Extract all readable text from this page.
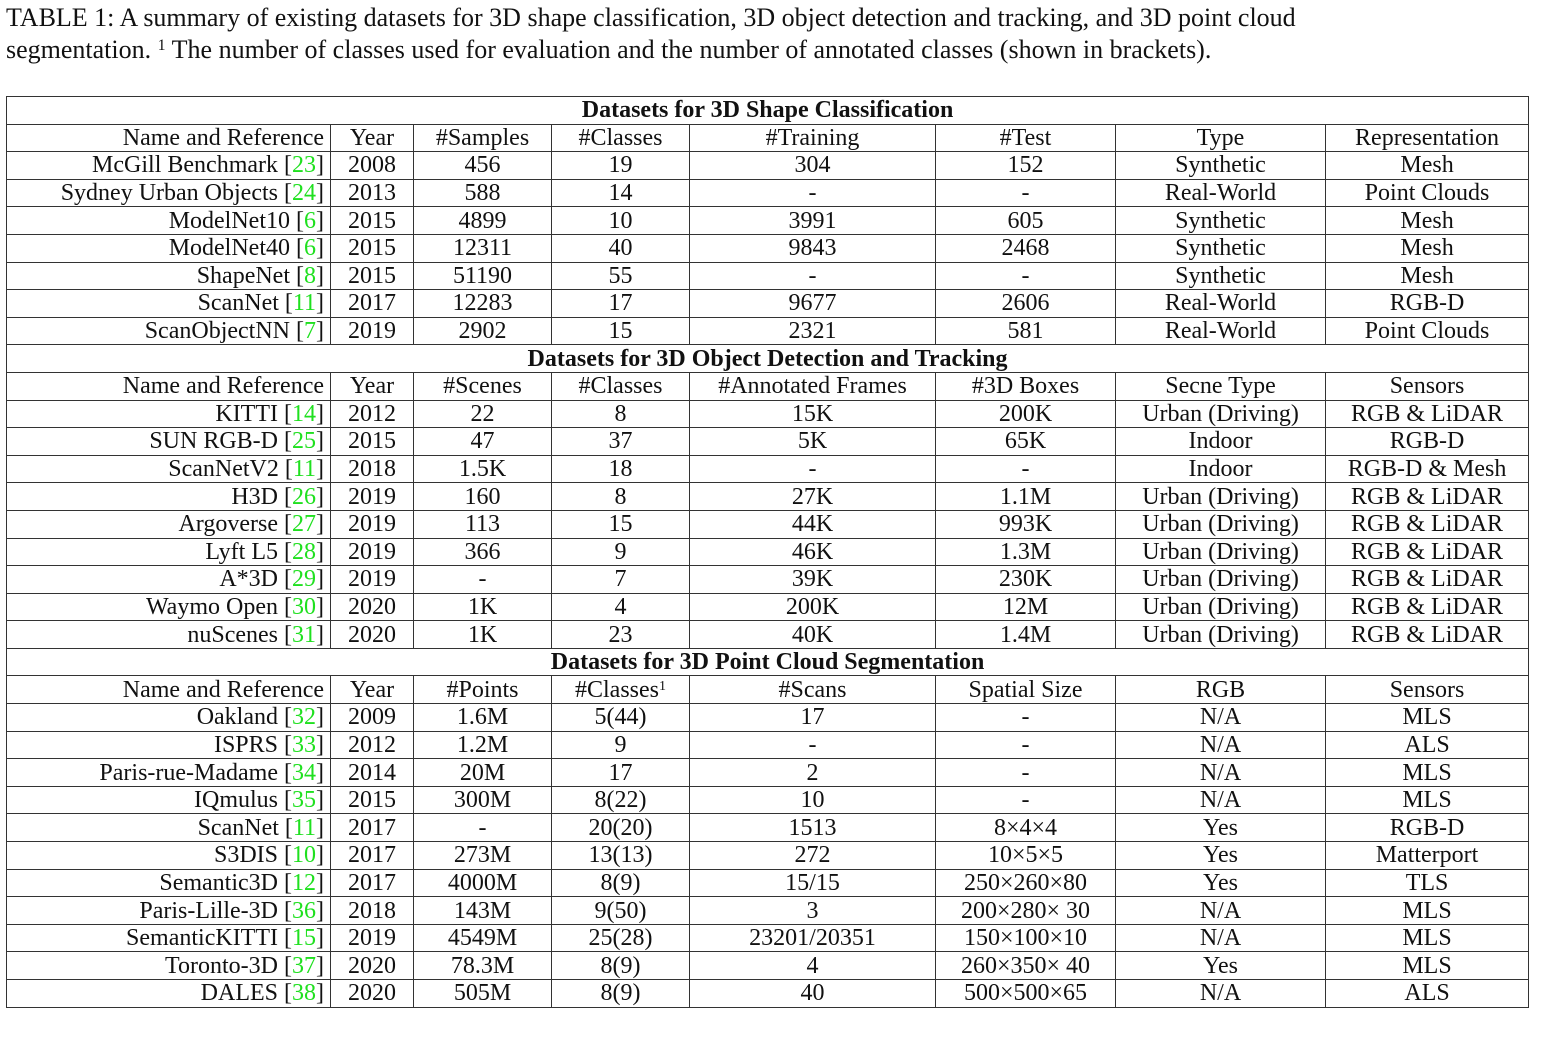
TABLE 1: A summary of existing datasets for 3D shape classification, 3D object detection and tracking, and 3D point cloud
segmentation. $^1$ The number of classes used for evaluation and the number of annotated classes (shown in brackets).
Datasets for 3D Shape Classification							
Name and Reference	Year	#Samples	#Classes	#Training	#Test	Type	Representation
McGill Benchmark [23]	2008	456	19	304	152	Synthetic	Mesh
Sydney Urban Objects [24]	2013	588	14	-	-	Real-World	Point Clouds
ModelNet10 [6]	2015	4899	10	3991	605	Synthetic	Mesh
ModelNet40 [6]	2015	12311	40	9843	2468	Synthetic	Mesh
ShapeNet [8]	2015	51190	55	-	-	Synthetic	Mesh
ScanNet [11]	2017	12283	17	9677	2606	Real-World	RGB-D
ScanObjectNN [7]	2019	2902	15	2321	581	Real-World	Point Clouds
Datasets for 3D Object Detection and Tracking							
Name and Reference	Year	#Scenes	#Classes	#Annotated Frames	#3D Boxes	Secne Type	Sensors
KITTI [14]	2012	22	8	15K	200K	Urban (Driving)	RGB & LiDAR
SUN RGB-D [25]	2015	47	37	5K	65K	Indoor	RGB-D
ScanNetV2 [11]	2018	1.5K	18	-	-	Indoor	RGB-D & Mesh
H3D [26]	2019	160	8	27K	1.1M	Urban (Driving)	RGB & LiDAR
Argoverse [27]	2019	113	15	44K	993K	Urban (Driving)	RGB & LiDAR
Lyft L5 [28]	2019	366	9	46K	1.3M	Urban (Driving)	RGB & LiDAR
A*3D [29]	2019	-	7	39K	230K	Urban (Driving)	RGB & LiDAR
Waymo Open [30]	2020	1K	4	200K	12M	Urban (Driving)	RGB & LiDAR
nuScenes [31]	2020	1K	23	40K	1.4M	Urban (Driving)	RGB & LiDAR
Datasets for 3D Point Cloud Segmentation							
Name and Reference	Year	#Points	#Classes$^1$	#Scans	Spatial Size	RGB	Sensors
Oakland [32]	2009	1.6M	5(44)	17	-	N/A	MLS
ISPRS [33]	2012	1.2M	9	-	-	N/A	ALS
Paris-rue-Madame [34]	2014	20M	17	2	-	N/A	MLS
IQmulus [35]	2015	300M	8(22)	10	-	N/A	MLS
ScanNet [11]	2017	-	20(20)	1513	8×4×4	Yes	RGB-D
S3DIS [10]	2017	273M	13(13)	272	10×5×5	Yes	Matterport
Semantic3D [12]	2017	4000M	8(9)	15/15	250×260×80	Yes	TLS
Paris-Lille-3D [36]	2018	143M	9(50)	3	200×280× 30	N/A	MLS
SemanticKITTI [15]	2019	4549M	25(28)	23201/20351	150×100×10	N/A	MLS
Toronto-3D [37]	2020	78.3M	8(9)	4	260×350× 40	Yes	MLS
DALES [38]	2020	505M	8(9)	40	500×500×65	N/A	ALS
